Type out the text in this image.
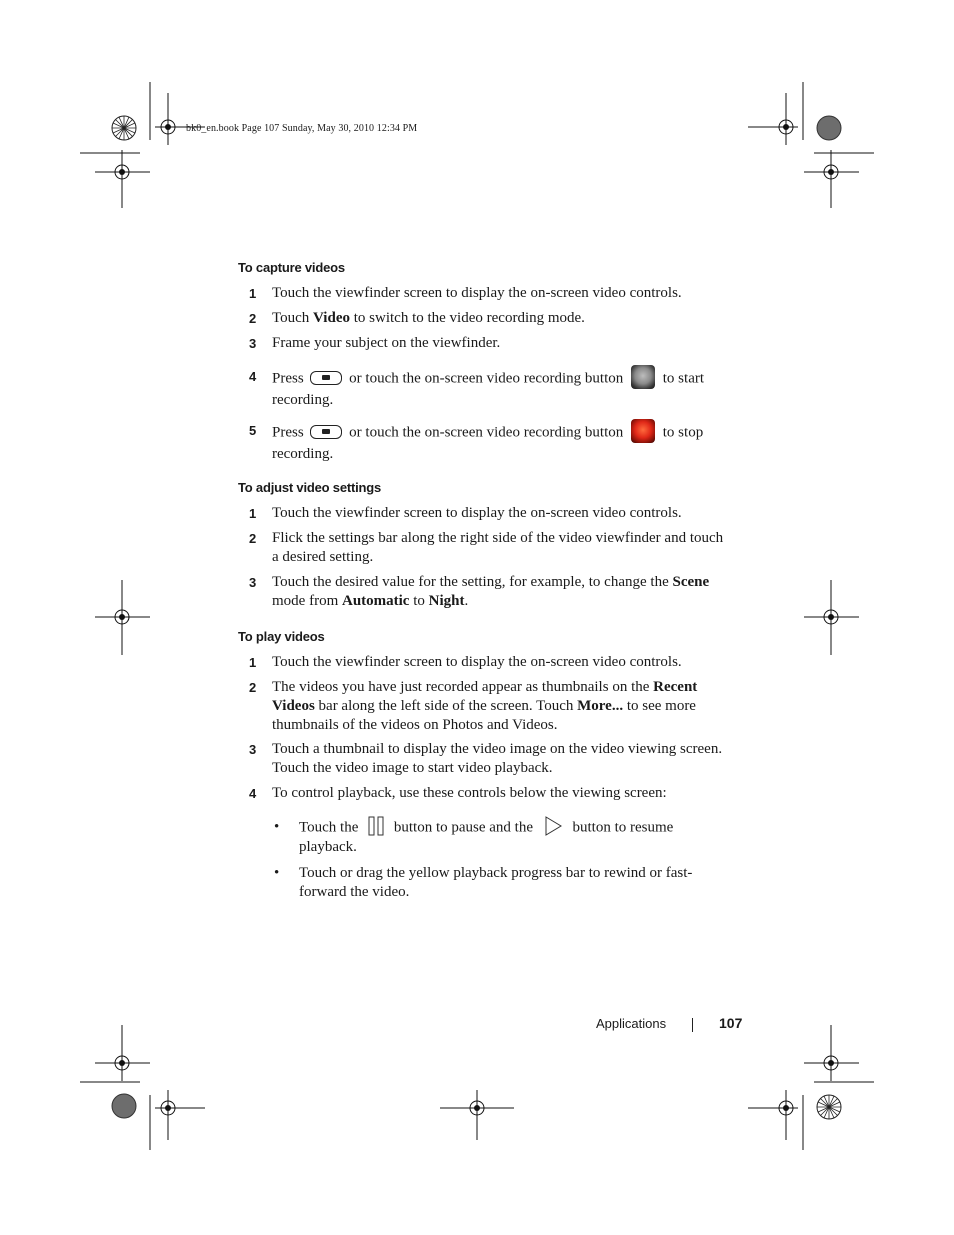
bk0_en.book Page 107 Sunday, May 30, 2010 12:34 PM
To capture videos
1 Touch the viewfinder screen to display the on-screen video controls.
2 Touch Video to switch to the video recording mode.
3 Frame your subject on the viewfinder.
4 Press	or touch the on-screen video recording button  to start
recording.
5 Press	or touch the on-screen video recording button  to stop
recording.
To adjust video settings
1 Touch the viewfinder screen to display the on-screen video controls.
2 Flick the settings bar along the right side of the video viewfinder and touch
a desired setting.
3 Touch the desired value for the setting, for example, to change the Scene
mode from Automatic to Night.
To play videos
1 Touch the viewfinder screen to display the on-screen video controls.
2 The videos you have just recorded appear as thumbnails on the Recent
Videos bar along the left side of the screen. Touch More... to see more
thumbnails of the videos on Photos and Videos.
3 Touch a thumbnail to display the video image on the video viewing screen.
Touch the video image to start video playback.
4 To control playback, use these controls below the viewing screen:
• Touch the  button to pause and the  button to resume
playback.
• Touch or drag the yellow playback progress bar to rewind or fast-
forward the video.
Applications	107
